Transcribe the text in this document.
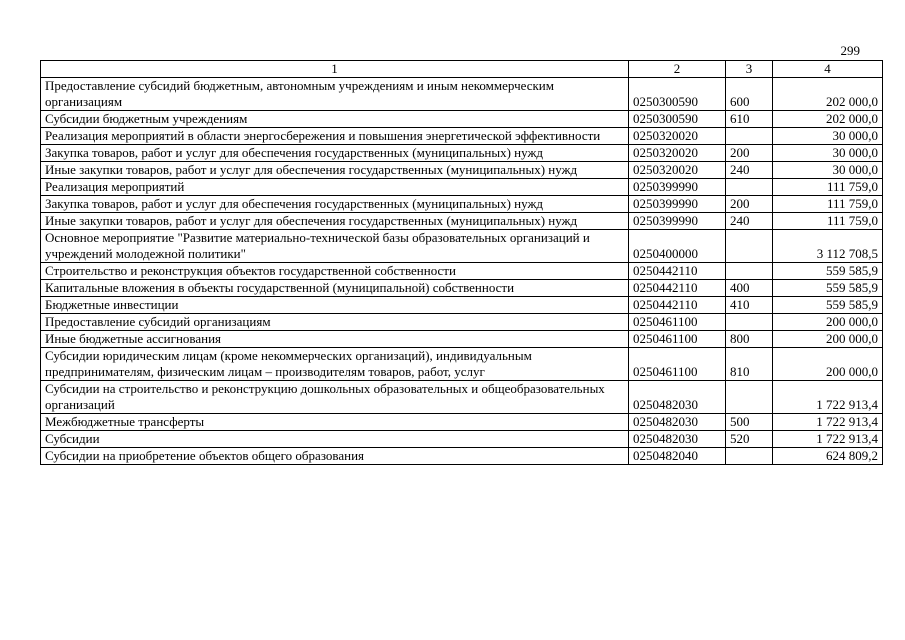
299
1	2	3	4
Предоставление субсидий бюджетным, автономным учреждениям и иным некоммерческим организациям	0250300590	600	202 000,0
Субсидии бюджетным учреждениям	0250300590	610	202 000,0
Реализация мероприятий в области энергосбережения и повышения энергетической эффективности	0250320020		30 000,0
Закупка товаров, работ и услуг для обеспечения государственных (муниципальных) нужд	0250320020	200	30 000,0
Иные закупки товаров, работ и услуг для обеспечения государственных (муниципальных) нужд	0250320020	240	30 000,0
Реализация мероприятий	0250399990		111 759,0
Закупка товаров, работ и услуг для обеспечения государственных (муниципальных) нужд	0250399990	200	111 759,0
Иные закупки товаров, работ и услуг для обеспечения государственных (муниципальных) нужд	0250399990	240	111 759,0
Основное мероприятие "Развитие материально-технической базы образовательных организаций и учреждений молодежной политики"	0250400000		3 112 708,5
Строительство и реконструкция объектов государственной собственности	0250442110		559 585,9
Капитальные вложения в объекты государственной (муниципальной) собственности	0250442110	400	559 585,9
Бюджетные инвестиции	0250442110	410	559 585,9
Предоставление субсидий организациям	0250461100		200 000,0
Иные бюджетные ассигнования	0250461100	800	200 000,0
Субсидии юридическим лицам (кроме некоммерческих организаций), индивидуальным предпринимателям, физическим лицам – производителям товаров, работ, услуг	0250461100	810	200 000,0
Субсидии на строительство и реконструкцию дошкольных образовательных и общеобразовательных организаций	0250482030		1 722 913,4
Межбюджетные трансферты	0250482030	500	1 722 913,4
Субсидии	0250482030	520	1 722 913,4
Субсидии на приобретение объектов общего образования	0250482040		624 809,2
